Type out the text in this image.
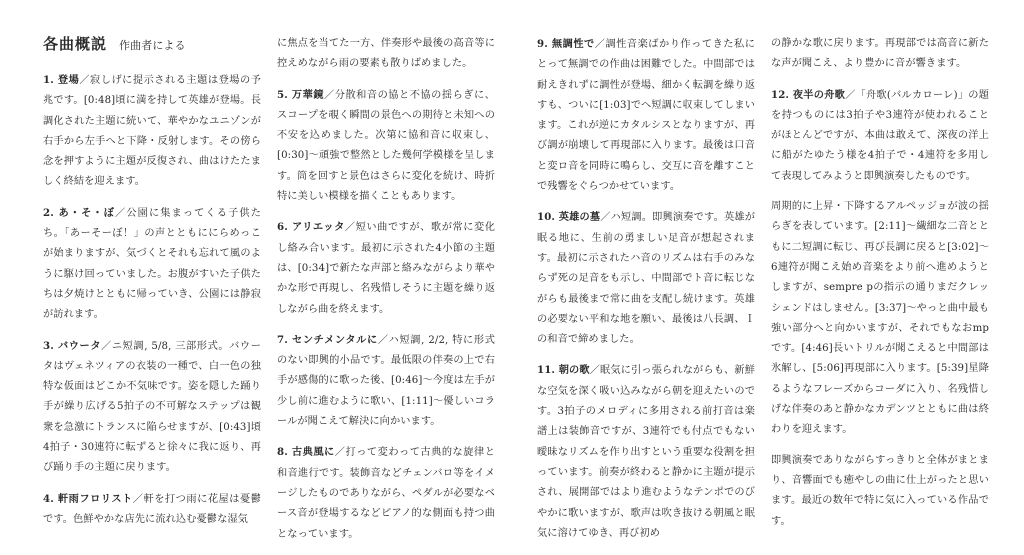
各曲概説 作曲者による

1. 登場／寂しげに提示される主題は登場の予兆です。[0:48]頃に満を持して英雄が登場。長調化された主題に続いて、華やかなユニゾンが右手から左手へと下降・反射します。その傍ら念を押すように主題が反復され、曲はけたたましく終結を迎えます。

2. あ・そ・ぼ／公園に集まってくる子供たち。「あーそーぼ！」の声とともににらめっこが始まりますが、気づくとそれも忘れて風のように駆け回っていました。お腹がすいた子供たちは夕焼けとともに帰っていき、公園には静寂が訪れます。

3. バウータ／ニ短調, 5/8, 三部形式。バウータはヴェネツィアの衣装の一種で、白一色の独特な仮面はどこか不気味です。姿を隠した踊り手が繰り広げる5拍子の不可解なステップは観衆を急激にトランスに陥らせますが、[0:43]頃4拍子・30連符に転ずると徐々に我に返り、再び踊り手の主題に戻ります。

4. 軒雨フロリスト／軒を打つ雨に花屋は憂鬱です。色鮮やかな店先に流れ込む憂鬱な湿気

に焦点を当てた一方、伴奏形や最後の高音等に控えめながら雨の要素も散りばめました。

5. 万華鏡／分散和音の協と不協の揺らぎに、スコープを覗く瞬間の景色への期待と未知への不安を込めました。次第に協和音に収束し、[0:30]～頑強で整然とした幾何学模様を呈します。筒を回すと景色はさらに変化を続け、時折特に美しい模様を描くこともあります。

6. アリエッタ／短い曲ですが、歌が常に変化し絡み合います。最初に示された4小節の主題は、[0:34]で新たな声部と絡みながらより華やかな形で再現し、名残惜しそうに主題を繰り返しながら曲を終えます。

7. センチメンタルに／ハ短調, 2/2, 特に形式のない即興的小品です。最低限の伴奏の上で右手が感傷的に歌った後、[0:46]～今度は左手が少し前に進むように歌い、[1:11]～優しいコラールが聞こえて解決に向かいます。

8. 古典風に／打って変わって古典的な旋律と和音進行です。装飾音などチェンバロ等をイメージしたものでありながら、ペダルが必要なベース音が登場するなどピアノ的な側面も持つ曲となっています。

9. 無調性で／調性音楽ばかり作ってきた私にとって無調での作曲は困難でした。中間部では耐えきれずに調性が登場、細かく転調を繰り返すも、ついに[1:03]でへ短調に収束してしまいます。これが逆にカタルシスとなりますが、再び調が崩壊して再現部に入ります。最後は口音と変ロ音を同時に鳴らし、交互に音を離すことで残響をぐらつかせています。

10. 英雄の墓／ハ短調。即興演奏です。英雄が眠る地に、生前の勇ましい足音が想起されます。最初に示されたハ音のリズムは右手のみならず死の足音をも示し、中間部でト音に転じながらも最後まで常に曲を支配し続けます。英雄の必要ない平和な地を願い、最後は八長調、Ｉの和音で締めました。

11. 朝の歌／眠気に引っ張られながらも、新鮮な空気を深く吸い込みながら朝を迎えたいのです。3拍子のメロディに多用される前打音は楽譜上は装飾音ですが、3連符でも付点でもない曖昧なリズムを作り出すという重要な役割を担っています。前奏が終わると静かに主題が提示され、展開部ではより進むようなテンポでのびやかに歌いますが、歌声は吹き抜ける朝風と眠気に溶けてゆき、再び初め

の静かな歌に戻ります。再現部では高音に新たな声が聞こえ、より豊かに音が響きます。

12. 夜半の舟歌／「舟歌(バルカローレ)」の題を持つものには3拍子や3連符が使われることがほとんどですが、本曲は敢えて、深夜の洋上に船がたゆたう様を4拍子で・4連符を多用して表現してみようと即興演奏したものです。

周期的に上昇・下降するアルペッジョが波の揺らぎを表しています。[2:11]～繊細な二音とともに二短調に転じ、再び長調に戻ると[3:02]～6連符が聞こえ始め音楽をより前へ進めようとしますが、sempre pの指示の通りまだクレッシェンドはしません。[3:37]～やっと曲中最も強い部分へと向かいますが、それでもなおmpです。[4:46]長いトリルが聞こえると中間部は氷解し、[5:06]再現部に入ります。[5:39]星降るようなフレーズからコーダに入り、名残惜しげな伴奏のあと静かなカデンツとともに曲は終わりを迎えます。

即興演奏でありながらすっきりと全体がまとまり、音響面でも癒やしの曲に仕上がったと思います。最近の数年で特に気に入っている作品です。
